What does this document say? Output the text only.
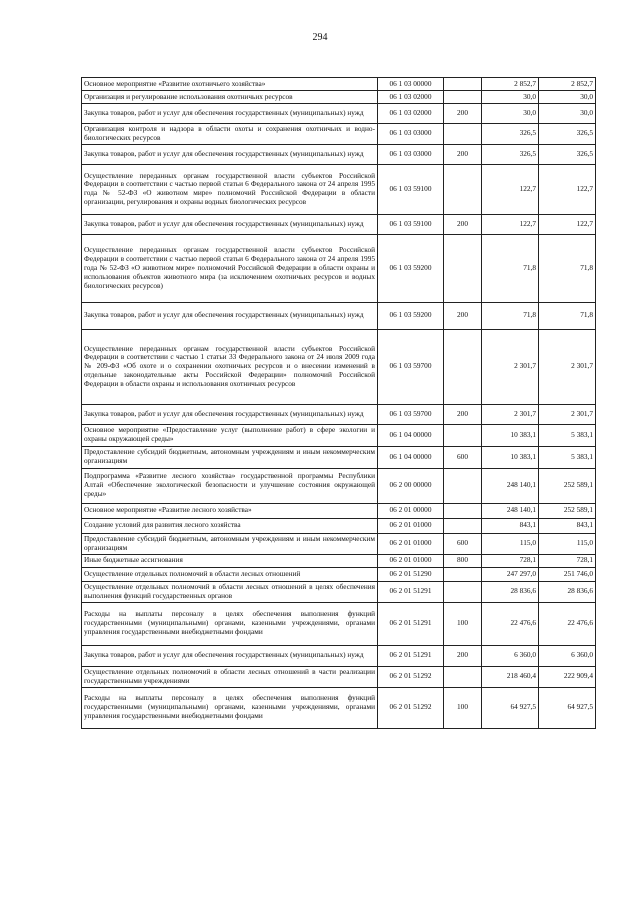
294
Основное мероприятие «Развитие охотничьего хозяйства»	06 1 03 00000		2 852,7	2 852,7
Организация и регулирование использования охотничьих ресурсов	06 1 03 02000		30,0	30,0
Закупка товаров, работ и услуг для обеспечения государственных (муниципальных) нужд	06 1 03 02000	200	30,0	30,0
Организация контроля и надзора в области охоты и сохранения охотничьих и водно-биологических ресурсов	06 1 03 03000		326,5	326,5
Закупка товаров, работ и услуг для обеспечения государственных (муниципальных) нужд	06 1 03 03000	200	326,5	326,5
Осуществление переданных органам государственной власти субъектов Российской Федерации в соответствии с частью первой статьи 6 Федерального закона от 24 апреля 1995 года № 52-ФЗ «О животном мире» полномочий Российской Федерации в области организации, регулирования и охраны водных биологических ресурсов	06 1 03 59100		122,7	122,7
Закупка товаров, работ и услуг для обеспечения государственных (муниципальных) нужд	06 1 03 59100	200	122,7	122,7
Осуществление переданных органам государственной власти субъектов Российской Федерации в соответствии с частью первой статьи 6 Федерального закона от 24 апреля 1995 года № 52-ФЗ «О животном мире» полномочий Российской Федерации в области охраны и использования объектов животного мира (за исключением охотничьих ресурсов и водных биологических ресурсов)	06 1 03 59200		71,8	71,8
Закупка товаров, работ и услуг для обеспечения государственных (муниципальных) нужд	06 1 03 59200	200	71,8	71,8
Осуществление переданных органам государственной власти субъектов Российской Федерации в соответствии с частью 1 статьи 33 Федерального закона от 24 июля 2009 года № 209-ФЗ «Об охоте и о сохранении охотничьих ресурсов и о внесении изменений в отдельные законодательные акты Российской Федерации» полномочий Российской Федерации в области охраны и использования охотничьих ресурсов	06 1 03 59700		2 301,7	2 301,7
Закупка товаров, работ и услуг для обеспечения государственных (муниципальных) нужд	06 1 03 59700	200	2 301,7	2 301,7
Основное мероприятие «Предоставление услуг (выполнение работ) в сфере экологии и охраны окружающей среды»	06 1 04 00000		10 383,1	5 383,1
Предоставление субсидий бюджетным, автономным учреждениям и иным некоммерческим организациям	06 1 04 00000	600	10 383,1	5 383,1
Подпрограмма «Развитие лесного хозяйства» государственной программы Республики Алтай «Обеспечение экологической безопасности и улучшение состояния окружающей среды»	06 2 00 00000		248 140,1	252 589,1
Основное мероприятие «Развитие лесного хозяйства»	06 2 01 00000		248 140,1	252 589,1
Создание условий для развития лесного хозяйства	06 2 01 01000		843,1	843,1
Предоставление субсидий бюджетным, автономным учреждениям и иным некоммерческим организациям	06 2 01 01000	600	115,0	115,0
Иные бюджетные ассигнования	06 2 01 01000	800	728,1	728,1
Осуществление отдельных полномочий в области лесных отношений	06 2 01 51290		247 297,0	251 746,0
Осуществление отдельных полномочий в области лесных отношений в целях обеспечения выполнения функций государственных органов	06 2 01 51291		28 836,6	28 836,6
Расходы на выплаты персоналу в целях обеспечения выполнения функций государственными (муниципальными) органами, казенными учреждениями, органами управления государственными внебюджетными фондами	06 2 01 51291	100	22 476,6	22 476,6
Закупка товаров, работ и услуг для обеспечения государственных (муниципальных) нужд	06 2 01 51291	200	6 360,0	6 360,0
Осуществление отдельных полномочий в области лесных отношений в части реализации государственными учреждениями	06 2 01 51292		218 460,4	222 909,4
Расходы на выплаты персоналу в целях обеспечения выполнения функций государственными (муниципальными) органами, казенными учреждениями, органами управления государственными внебюджетными фондами	06 2 01 51292	100	64 927,5	64 927,5
